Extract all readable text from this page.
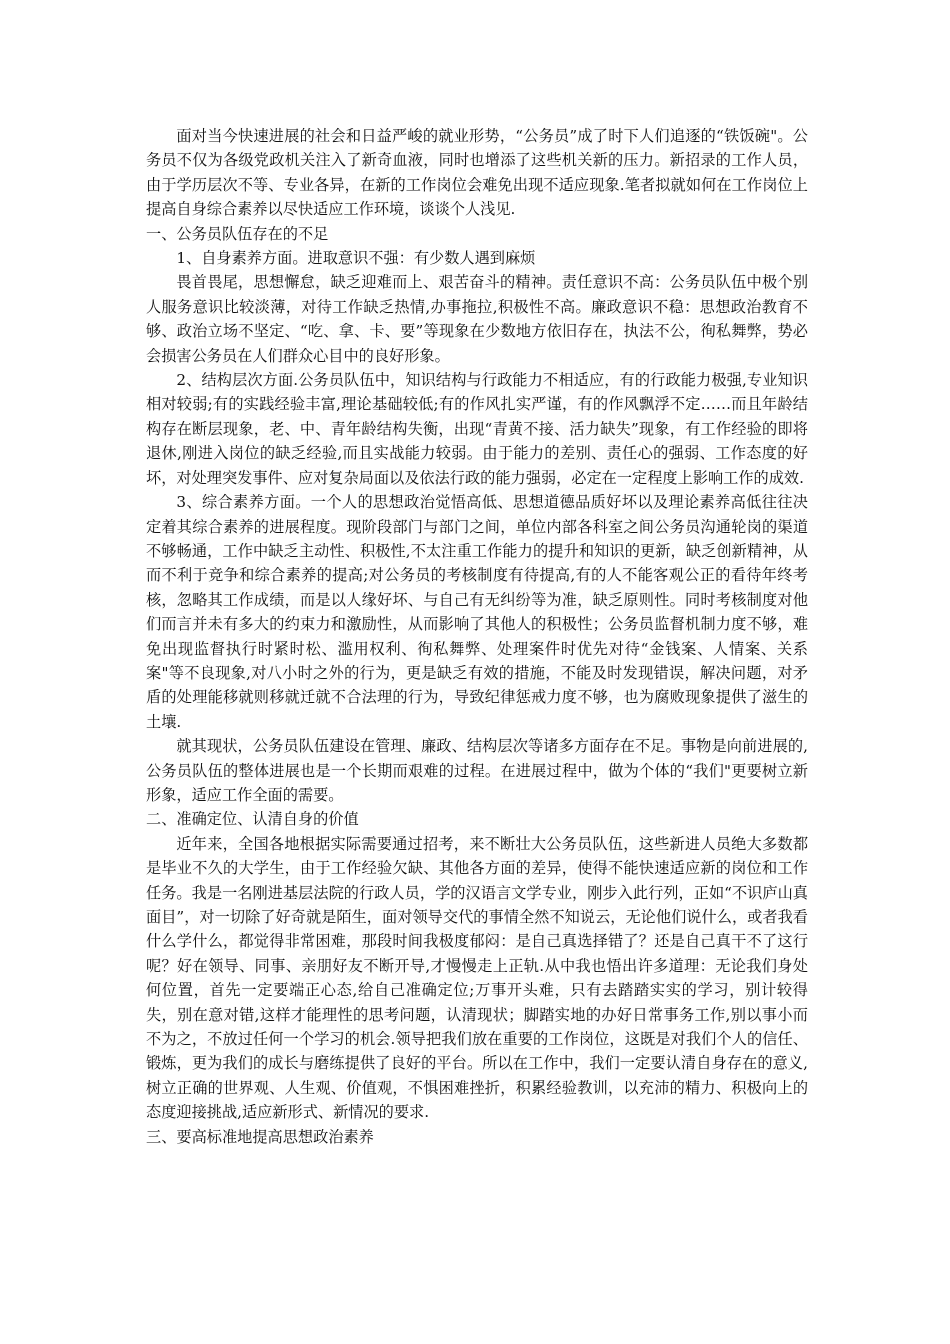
面对当今快速进展的社会和日益严峻的就业形势，“公务员”成了时下人们追逐的“铁饭碗"。公务员不仅为各级党政机关注入了新奇血液，同时也增添了这些机关新的压力。新招录的工作人员，由于学历层次不等、专业各异，在新的工作岗位会难免出现不适应现象.笔者拟就如何在工作岗位上提高自身综合素养以尽快适应工作环境，谈谈个人浅见.

一、公务员队伍存在的不足

1、自身素养方面。进取意识不强：有少数人遇到麻烦

畏首畏尾，思想懈怠，缺乏迎难而上、艰苦奋斗的精神。责任意识不高：公务员队伍中极个别人服务意识比较淡薄，对待工作缺乏热情,办事拖拉,积极性不高。廉政意识不稳：思想政治教育不够、政治立场不坚定、“吃、拿、卡、要”等现象在少数地方依旧存在，执法不公，徇私舞弊，势必会损害公务员在人们群众心目中的良好形象。

2、结构层次方面.公务员队伍中，知识结构与行政能力不相适应，有的行政能力极强,专业知识相对较弱;有的实践经验丰富,理论基础较低;有的作风扎实严谨，有的作风飘浮不定……而且年龄结构存在断层现象，老、中、青年龄结构失衡，出现“青黄不接、活力缺失”现象，有工作经验的即将退休,刚进入岗位的缺乏经验,而且实战能力较弱。由于能力的差别、责任心的强弱、工作态度的好坏，对处理突发事件、应对复杂局面以及依法行政的能力强弱，必定在一定程度上影响工作的成效.

3、综合素养方面。一个人的思想政治觉悟高低、思想道德品质好坏以及理论素养高低往往决定着其综合素养的进展程度。现阶段部门与部门之间，单位内部各科室之间公务员沟通轮岗的渠道不够畅通，工作中缺乏主动性、积极性,不太注重工作能力的提升和知识的更新，缺乏创新精神，从而不利于竞争和综合素养的提高;对公务员的考核制度有待提高,有的人不能客观公正的看待年终考核，忽略其工作成绩，而是以人缘好坏、与自己有无纠纷等为准，缺乏原则性。同时考核制度对他们而言并未有多大的约束力和激励性，从而影响了其他人的积极性；公务员监督机制力度不够，难免出现监督执行时紧时松、滥用权利、徇私舞弊、处理案件时优先对待“金钱案、人情案、关系案"等不良现象,对八小时之外的行为，更是缺乏有效的措施，不能及时发现错误，解决问题，对矛盾的处理能移就则移就迁就不合法理的行为，导致纪律惩戒力度不够，也为腐败现象提供了滋生的土壤.

就其现状，公务员队伍建设在管理、廉政、结构层次等诸多方面存在不足。事物是向前进展的,公务员队伍的整体进展也是一个长期而艰难的过程。在进展过程中，做为个体的“我们"更要树立新形象，适应工作全面的需要。

二、准确定位、认清自身的价值

近年来，全国各地根据实际需要通过招考，来不断壮大公务员队伍，这些新进人员绝大多数都是毕业不久的大学生，由于工作经验欠缺、其他各方面的差异，使得不能快速适应新的岗位和工作任务。我是一名刚进基层法院的行政人员，学的汉语言文学专业，刚步入此行列，正如“不识庐山真面目”，对一切除了好奇就是陌生，面对领导交代的事情全然不知说云，无论他们说什么，或者我看什么学什么，都觉得非常困难，那段时间我极度郁闷：是自己真选择错了？还是自己真干不了这行呢？好在领导、同事、亲朋好友不断开导,才慢慢走上正轨.从中我也悟出许多道理：无论我们身处何位置，首先一定要端正心态,给自己准确定位;万事开头难，只有去踏踏实实的学习，别计较得失，别在意对错,这样才能理性的思考问题，认清现状；脚踏实地的办好日常事务工作,别以事小而不为之，不放过任何一个学习的机会.领导把我们放在重要的工作岗位，这既是对我们个人的信任、锻炼，更为我们的成长与磨练提供了良好的平台。所以在工作中，我们一定要认清自身存在的意义,树立正确的世界观、人生观、价值观，不惧困难挫折，积累经验教训，以充沛的精力、积极向上的态度迎接挑战,适应新形式、新情况的要求.

三、要高标准地提高思想政治素养
